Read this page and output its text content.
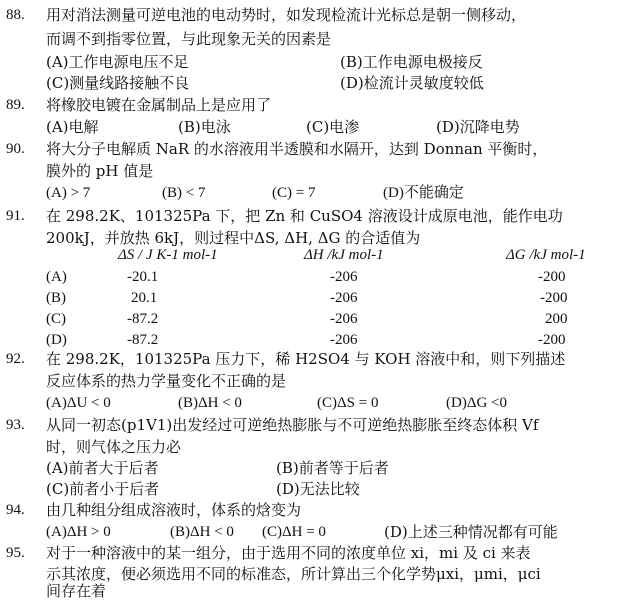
88. 用对消法测量可逆电池的电动势时，如发现检流计光标总是朝一侧移动，
而调不到指零位置，与此现象无关的因素是
(A)工作电源电压不足	(B)工作电源电极接反
(C)测量线路接触不良	(D)检流计灵敏度较低
89. 将橡胶电镀在金属制品上是应用了
(A)电解	(B)电泳	(C)电渗	(D)沉降电势
90. 将大分子电解质 NaR 的水溶液用半透膜和水隔开，达到 Donnan 平衡时，
膜外的 pH 值是
(A) > 7	(B) < 7	(C) = 7	(D)不能确定
91. 在 298.2K、101325Pa 下，把 Zn 和 CuSO4 溶液设计成原电池，能作电功
200kJ，并放热 6kJ，则过程中ΔS, ΔH, ΔG 的合适值为
ΔS / J K-1 mol-1	ΔH /kJ mol-1	ΔG /kJ mol-1
(A)	-20.1	-206	-200
(B)	20.1	-206	-200
(C)	-87.2	-206	200
(D)	-87.2	-206	-200
92. 在 298.2K，101325Pa 压力下，稀 H2SO4 与 KOH 溶液中和，则下列描述
反应体系的热力学量变化不正确的是
(A)ΔU < 0	(B)ΔH < 0	(C)ΔS = 0	(D)ΔG <0
93. 从同一初态(p1V1)出发经过可逆绝热膨胀与不可逆绝热膨胀至终态体积 Vf
时，则气体之压力必
(A)前者大于后者	(B)前者等于后者
(C)前者小于后者	(D)无法比较
94. 由几种组分组成溶液时，体系的焓变为
(A)ΔH > 0	(B)ΔH < 0 (C)ΔH = 0	(D)上述三种情况都有可能
95. 对于一种溶液中的某一组分，由于选用不同的浓度单位 xi，mi 及 ci 来表
示其浓度，便必须选用不同的标准态，所计算出三个化学势μxi，μmi，μci
间存在着
